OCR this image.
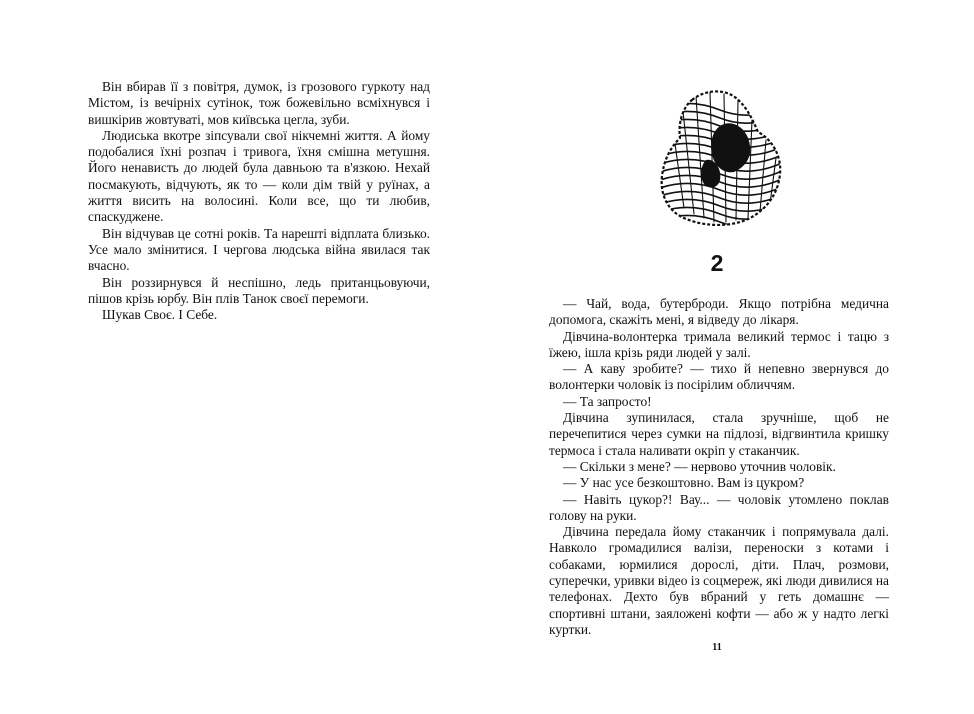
Він вбирав її з повітря, думок, із грозового гуркоту над Містом, із вечірніх сутінок, тож божевільно всміхнувся і вишкірив жовтуваті, мов київська цегла, зуби.

Людиська вкотре зіпсували свої нікчемні життя. А йому подобалися їхні розпач і тривога, їхня смішна метушня. Його ненависть до людей була давньою та в'язкою. Нехай посмакують, відчують, як то — коли дім твій у руїнах, а життя висить на волосині. Коли все, що ти любив, спаскуджене.

Він відчував це сотні років. Та нарешті відплата близько. Усе мало змінитися. І чергова людська війна явилася так вчасно.

Він роззирнувся й неспішно, ледь пританцьовуючи, пішов крізь юрбу. Він плів Танок своєї перемоги.

Шукав Своє. І Себе.

2

— Чай, вода, бутерброди. Якщо потрібна медична допомога, скажіть мені, я відведу до лікаря.

Дівчина-волонтерка тримала великий термос і тацю з їжею, ішла крізь ряди людей у залі.

— А каву зробите? — тихо й непевно звернувся до волонтерки чоловік із посірілим обличчям.

— Та запросто!

Дівчина зупинилася, стала зручніше, щоб не перечепитися через сумки на підлозі, відгвинтила кришку термоса і стала наливати окріп у стаканчик.

— Скільки з мене? — нервово уточнив чоловік.

— У нас усе безкоштовно. Вам із цукром?

— Навіть цукор?! Вау... — чоловік утомлено поклав голову на руки.

Дівчина передала йому стаканчик і попрямувала далі. Навколо громадилися валізи, переноски з котами і собаками, юрмилися дорослі, діти. Плач, розмови, суперечки, уривки відео із соцмереж, які люди дивилися на телефонах. Дехто був вбраний у геть домашнє — спортивні штани, заяложені кофти — або ж у надто легкі куртки.

11
